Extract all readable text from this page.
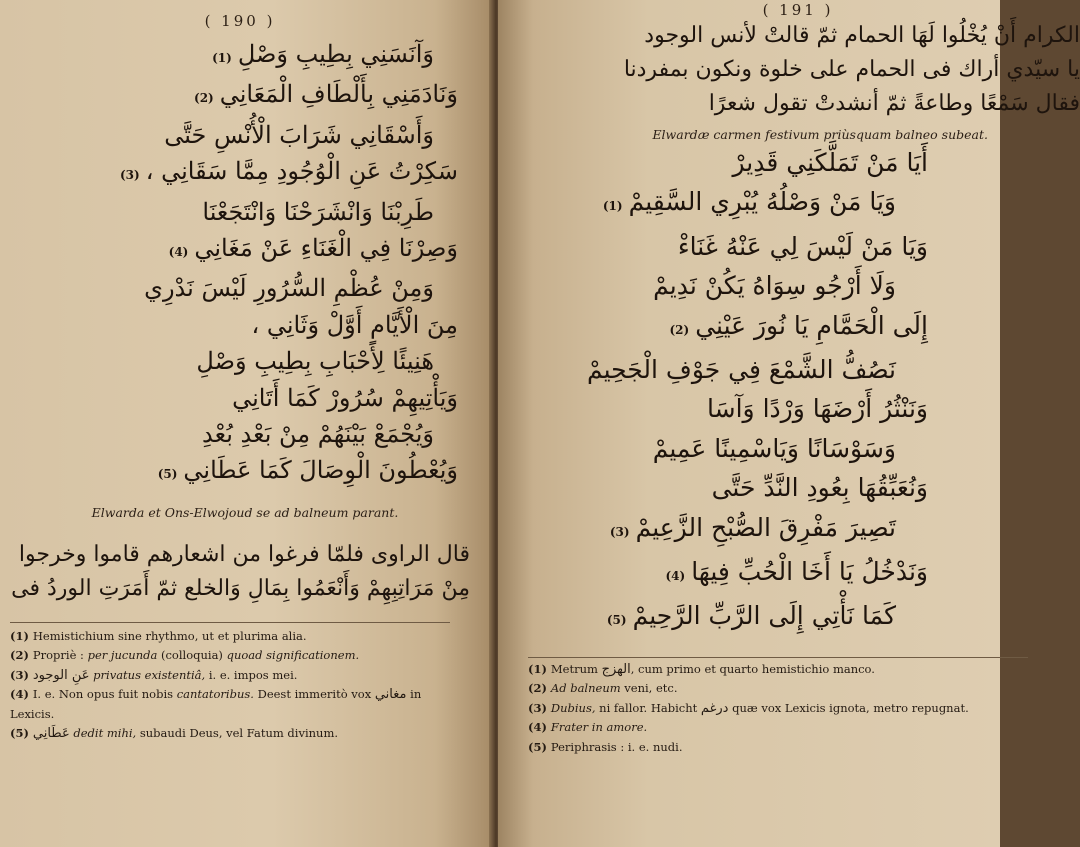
( 190 )
وَآنَسَنِي بِطِيبِ وَصْلِ(1)
وَنَادَمَنِي بِأَلْطَافِ الْمَعَانِي(2)
وَأَسْقَانِي شَرَابَ الْأُنْسِ حَتَّى
سَكِرْتُ عَنِ الْوُجُودِ مِمَّا سَقَانِي ،(3)
طَرِبْنَا وَانْشَرَحْنَا وَانْتَجَعْنَا
وَصِرْنَا فِي الْغَنَاءِ عَنْ مَغَانِي(4)
وَمِنْ عُظْمِ السُّرُورِ لَيْسَ نَدْرِي
مِنَ الْأَيَّامِ أَوَّلْ وَثَانِي ،
هَنِيئًا لِأَحْبَابِ بِطِيبِ وَصْلِ
وَيَأْتِيهِمْ سُرُورْ كَمَا أَتَانِي
وَيُجْمَعْ بَيْنَهُمْ مِنْ بَعْدِ بُعْدِ
وَيُعْطُونَ الْوِصَالَ كَمَا عَطَانِي(5)
Elwarda et Ons-Elwojoud se ad balneum parant.
قال الراوى فلمّا فرغوا من اشعارهم قاموا وخرجوا
مِنْ مَرَاتِبِهِمْ وَأَنْعَمُوا بِمَالِ وَالخلع ثمّ أَمَرَتِ الوردُ فى
(1) Hemistichium sine rhythmo, ut et plurima alia.
(2) Propriè : per jucunda (colloquia) quoad significationem.
(3) عَنِ الوجود privatus existentiâ, i. e. impos mei.
(4) I. e. Non opus fuit nobis cantatoribus. Deest immeritò vox مغاني in Lexicis.
(5) عَطَانِي dedit mihi, subaudi Deus, vel Fatum divinum.
( 191 )
الكرام أَنْ يُخْلُوا لَهَا الحمام ثمّ قالتْ لأنس الوجود
يا سيّدي أراك فى الحمام على خلوة ونكون بمفردنا
فقال سَمْعًا وطاعةً ثمّ أنشدتْ تقول شعرًا
Elwardæ carmen festivum priùsquam balneo subeat.
أَيَا مَنْ تَمَلَّكَنِي قَدِيرْ
وَيَا مَنْ وَصْلُهُ يُبْرِي السَّقِيمْ(1)
وَيَا مَنْ لَيْسَ لِي عَنْهُ غَنَاءْ
وَلَا أَرْجُو سِوَاهُ يَكُنْ نَدِيمْ
إِلَى الْحَمَّامِ يَا نُورَ عَيْنِي(2)
نَصُفُّ الشَّمْعَ فِي جَوْفِ الْجَحِيمْ
وَنَنْثُرُ أَرْضَهَا وَرْدًا وَآسَا
وَسَوْسَانًا وَيَاسْمِينًا عَمِيمْ
وَنُعَبِّقُهَا بِعُودِ النَّدِّ حَتَّى
تَصِيرَ مَفْرِقَ الصُّبْحِ الزَّعِيمْ(3)
وَنَدْخُلُ يَا أَخَا الْحُبِّ فِيهَا(4)
كَمَا نَأْتِي إِلَى الرَّبِّ الرَّحِيمْ(5)
(1) Metrum الهزج, cum primo et quarto hemistichio manco.
(2) Ad balneum veni, etc.
(3) Dubius, ni fallor. Habicht درغم quæ vox Lexicis ignota, metro repugnat.
(4) Frater in amore.
(5) Periphrasis : i. e. nudi.
